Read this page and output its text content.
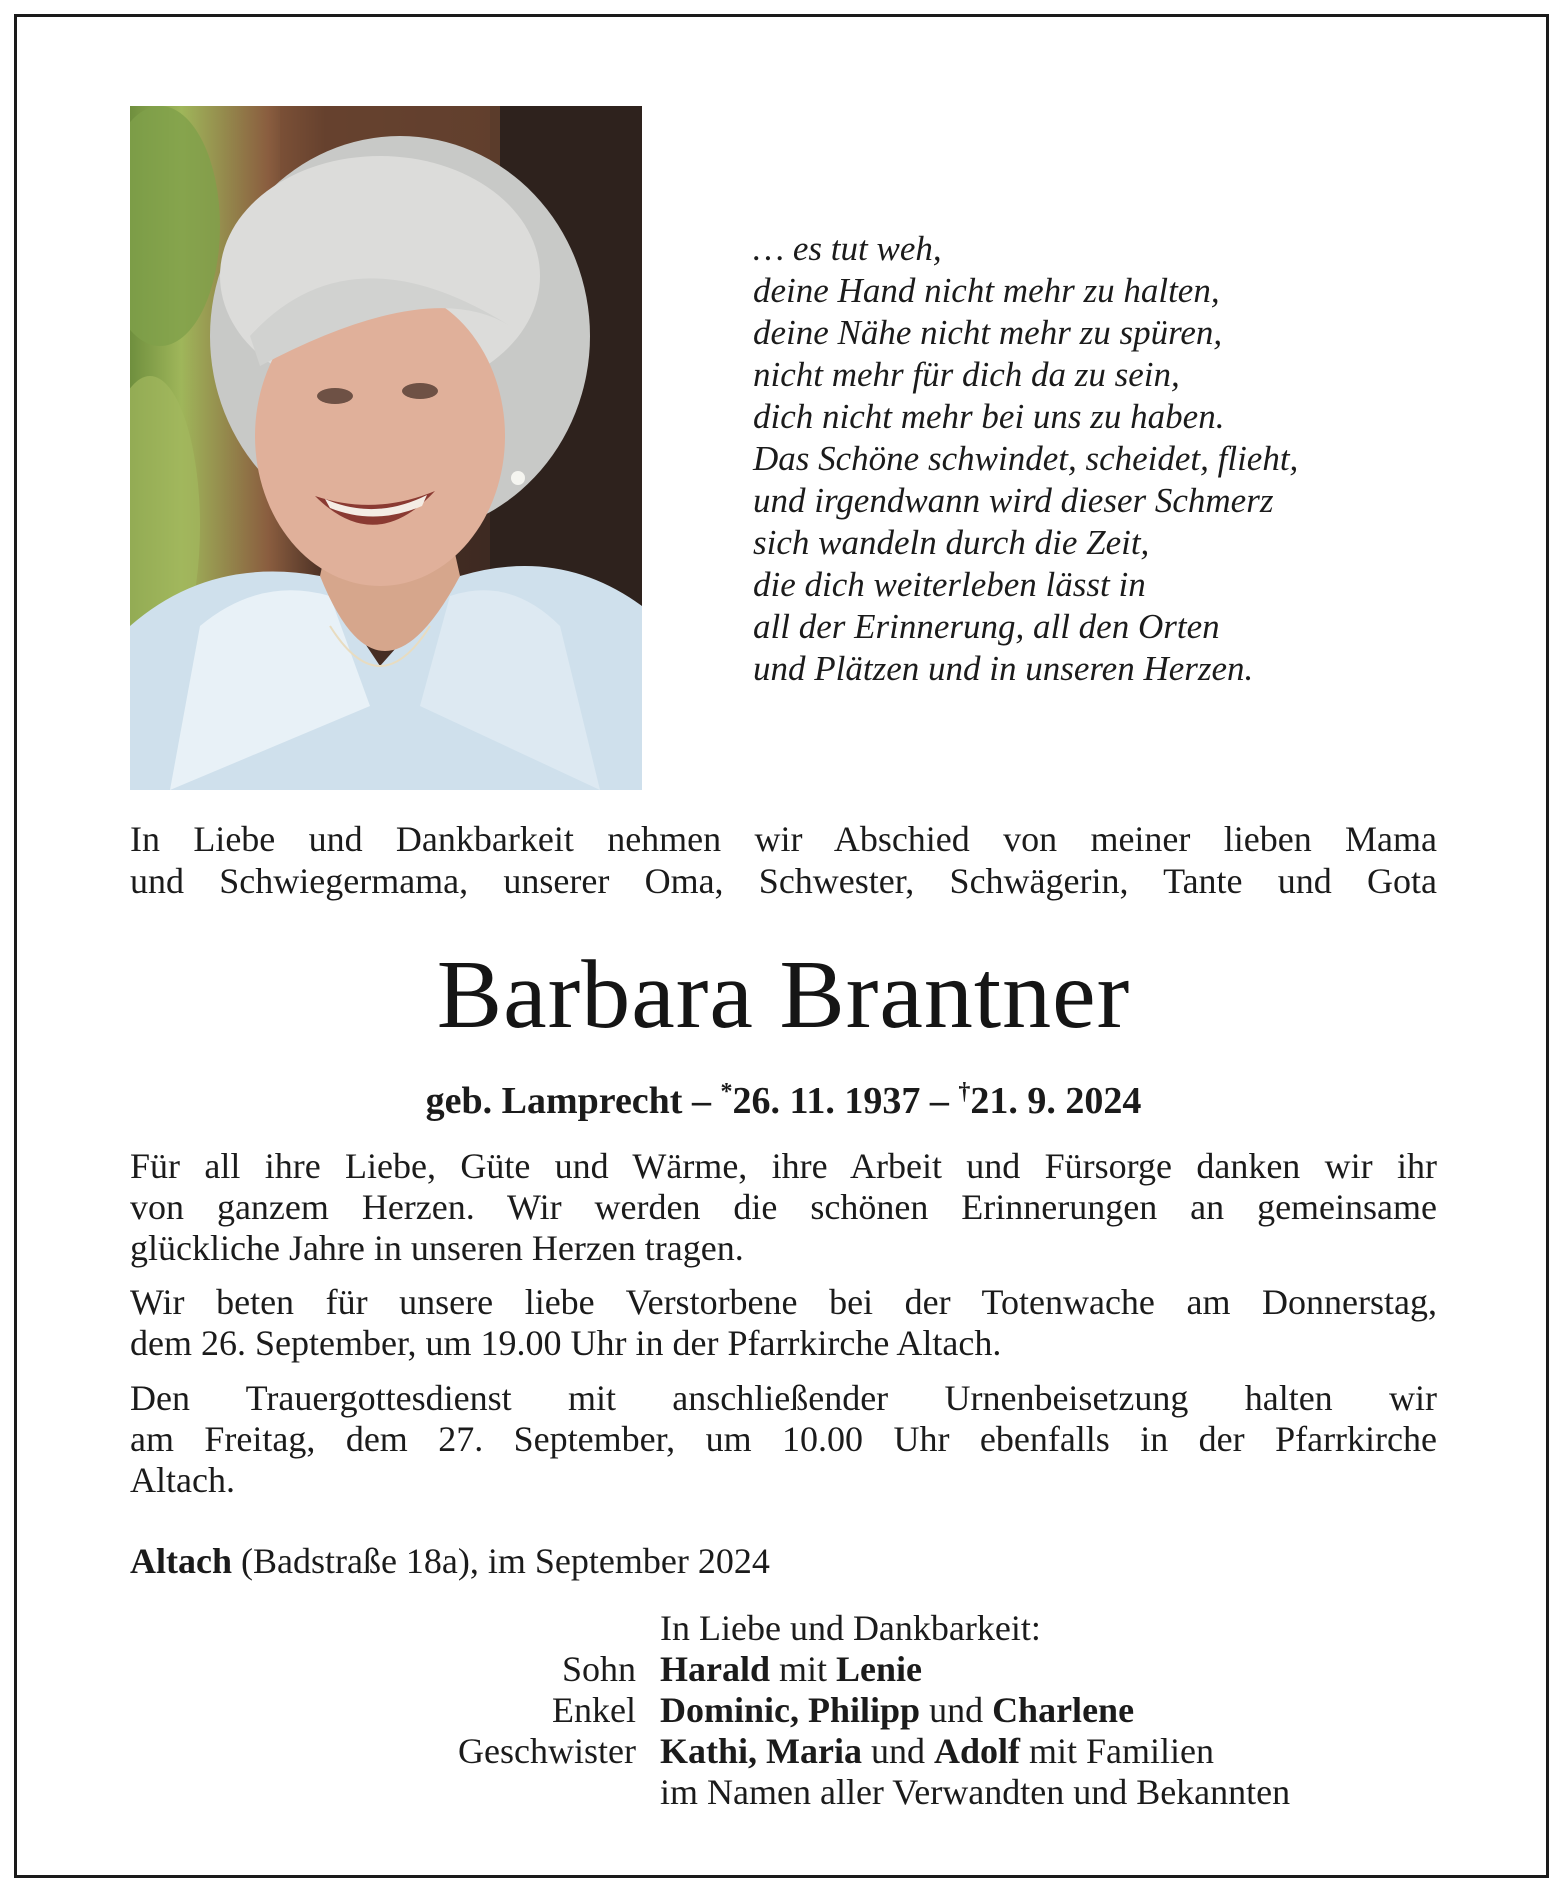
… es tut weh,
deine Hand nicht mehr zu halten,
deine Nähe nicht mehr zu spüren,
nicht mehr für dich da zu sein,
dich nicht mehr bei uns zu haben.
Das Schöne schwindet, scheidet, flieht,
und irgendwann wird dieser Schmerz
sich wandeln durch die Zeit,
die dich weiterleben lässt in
all der Erinnerung, all den Orten
und Plätzen und in unseren Herzen.

In Liebe und Dankbarkeit nehmen wir Abschied von meiner lieben Mama
und Schwiegermama, unserer Oma, Schwester, Schwägerin, Tante und Gota

Barbara Brantner

geb. Lamprecht – *26. 11. 1937 – †21. 9. 2024

Für all ihre Liebe, Güte und Wärme, ihre Arbeit und Fürsorge danken wir ihr
von ganzem Herzen. Wir werden die schönen Erinnerungen an gemeinsame
glückliche Jahre in unseren Herzen tragen.

Wir beten für unsere liebe Verstorbene bei der Totenwache am Donnerstag,
dem 26. September, um 19.00 Uhr in der Pfarrkirche Altach.

Den Trauergottesdienst mit anschließender Urnenbeisetzung halten wir
am Freitag, dem 27. September, um 10.00 Uhr ebenfalls in der Pfarrkirche
Altach.

Altach (Badstraße 18a), im September 2024

In Liebe und Dankbarkeit:
Sohn Harald mit Lenie
Enkel Dominic, Philipp und Charlene
Geschwister Kathi, Maria und Adolf mit Familien
im Namen aller Verwandten und Bekannten
